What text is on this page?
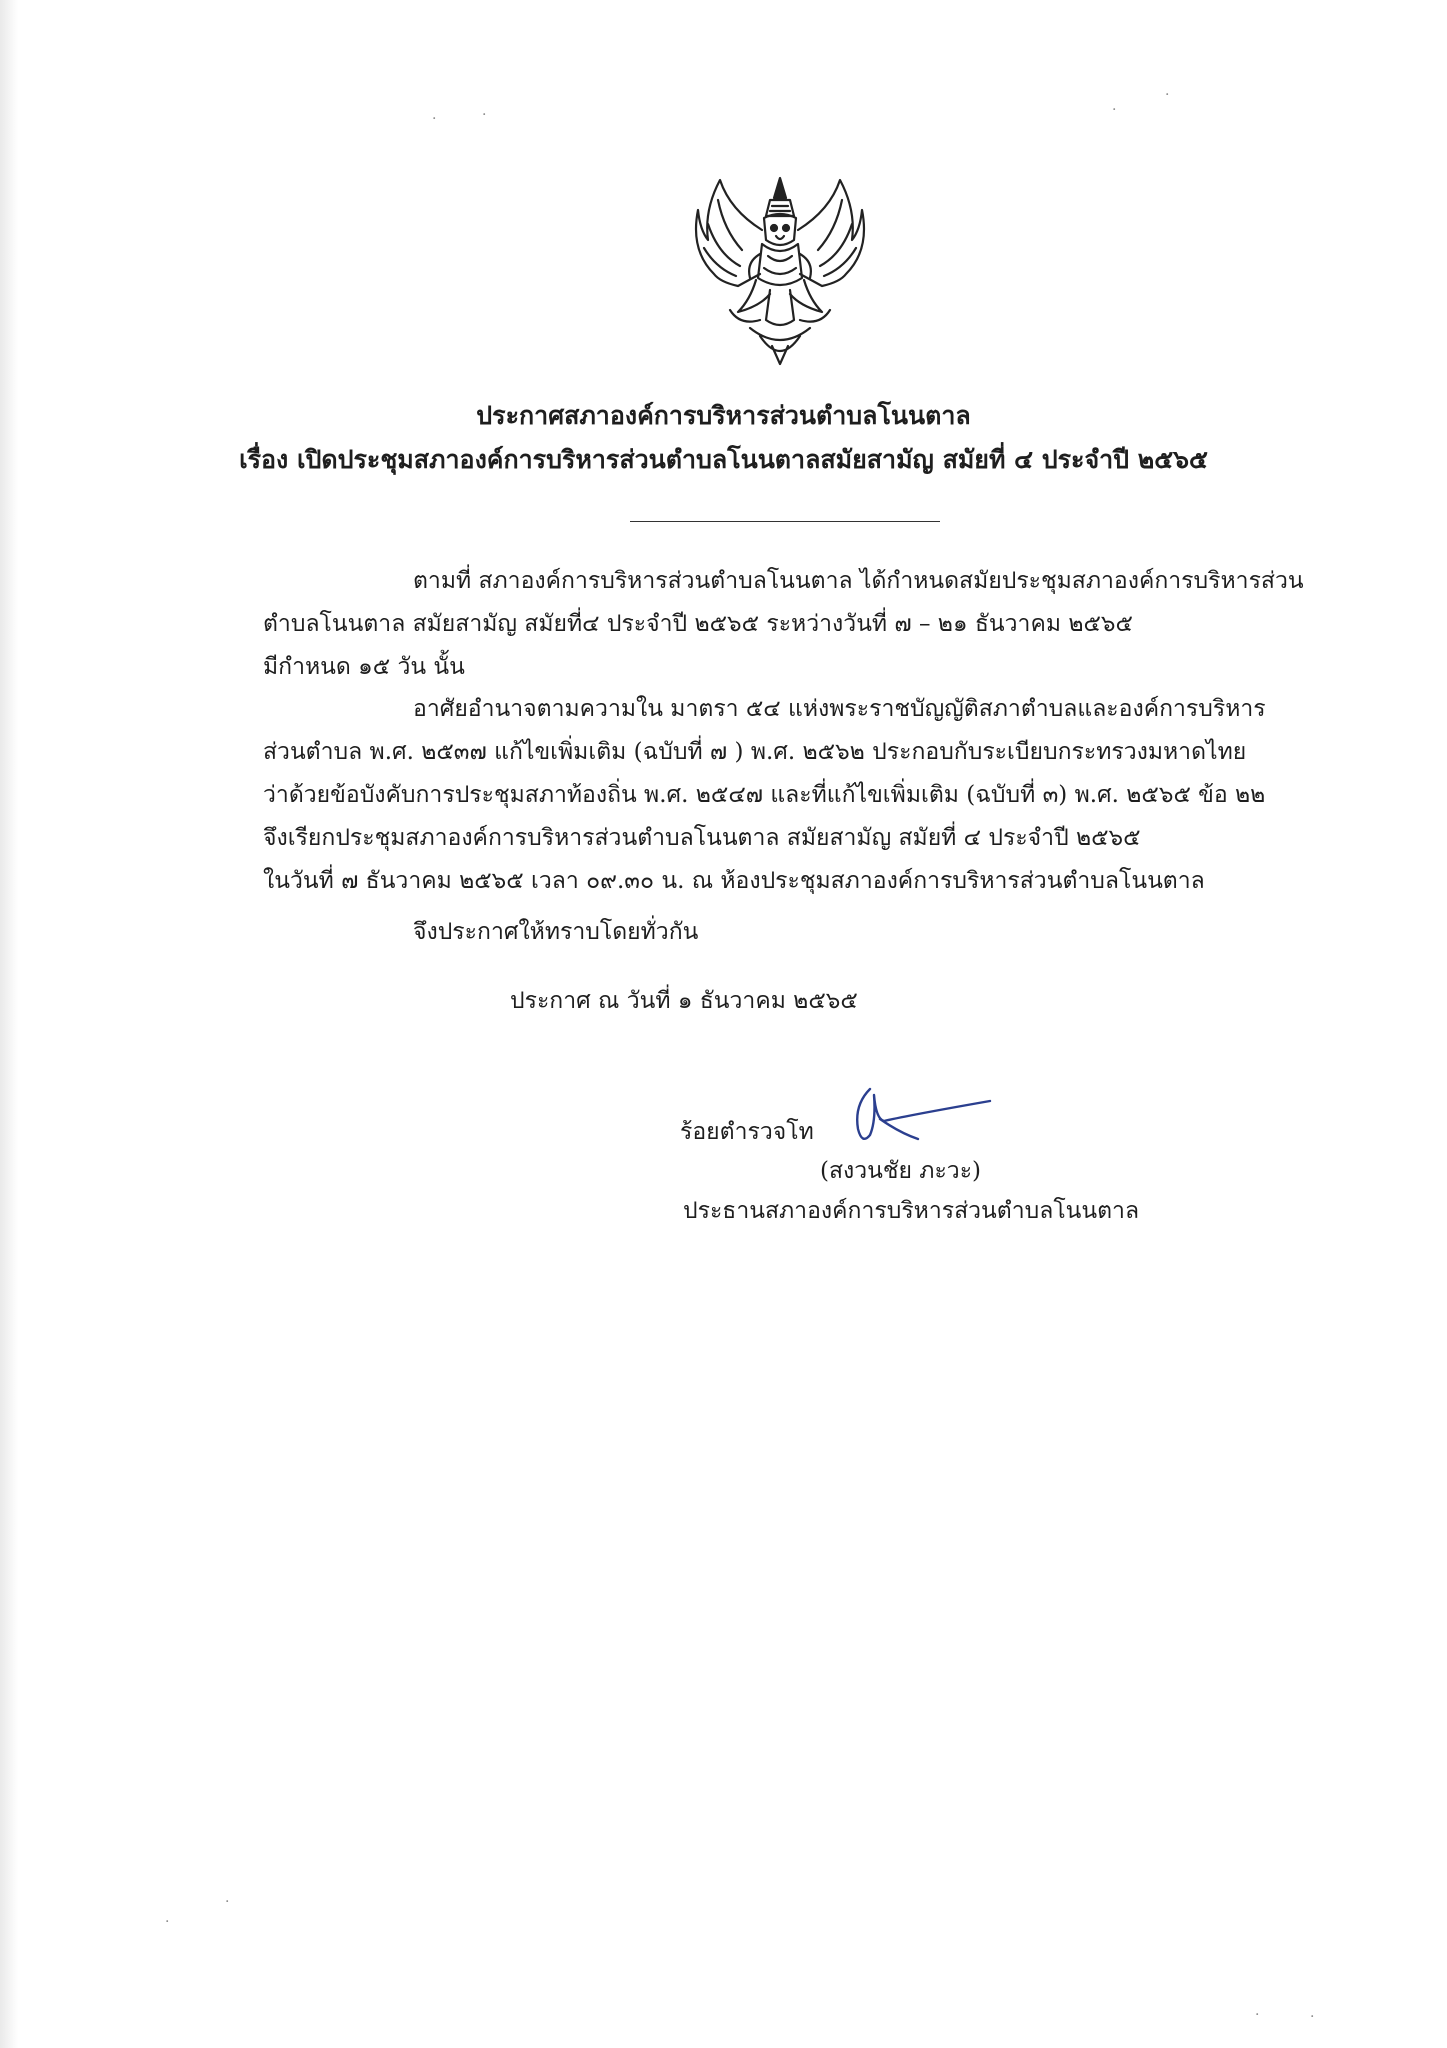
·	·
·
·
·
·
·	·
ประกาศสภาองค์การบริหารส่วนตำบลโนนตาล
เรื่อง เปิดประชุมสภาองค์การบริหารส่วนตำบลโนนตาลสมัยสามัญ สมัยที่ ๔ ประจำปี ๒๕๖๕
ตามที่ สภาองค์การบริหารส่วนตำบลโนนตาล ได้กำหนดสมัยประชุมสภาองค์การบริหารส่วน
ตำบลโนนตาล สมัยสามัญ สมัยที่๔ ประจำปี ๒๕๖๕ ระหว่างวันที่ ๗ – ๒๑ ธันวาคม ๒๕๖๕
มีกำหนด ๑๕ วัน นั้น
อาศัยอำนาจตามความใน มาตรา ๕๔ แห่งพระราชบัญญัติสภาตำบลและองค์การบริหาร
ส่วนตำบล พ.ศ. ๒๕๓๗ แก้ไขเพิ่มเติม (ฉบับที่ ๗ ) พ.ศ. ๒๕๖๒ ประกอบกับระเบียบกระทรวงมหาดไทย
ว่าด้วยข้อบังคับการประชุมสภาท้องถิ่น พ.ศ. ๒๕๔๗ และที่แก้ไขเพิ่มเติม (ฉบับที่ ๓) พ.ศ. ๒๕๖๕ ข้อ ๒๒
จึงเรียกประชุมสภาองค์การบริหารส่วนตำบลโนนตาล สมัยสามัญ สมัยที่ ๔ ประจำปี ๒๕๖๕
ในวันที่ ๗ ธันวาคม ๒๕๖๕ เวลา ๐๙.๓๐ น. ณ ห้องประชุมสภาองค์การบริหารส่วนตำบลโนนตาล
จึงประกาศให้ทราบโดยทั่วกัน
ประกาศ ณ วันที่ ๑ ธันวาคม ๒๕๖๕
ร้อยตำรวจโท
(สงวนชัย ภะวะ)
ประธานสภาองค์การบริหารส่วนตำบลโนนตาล
